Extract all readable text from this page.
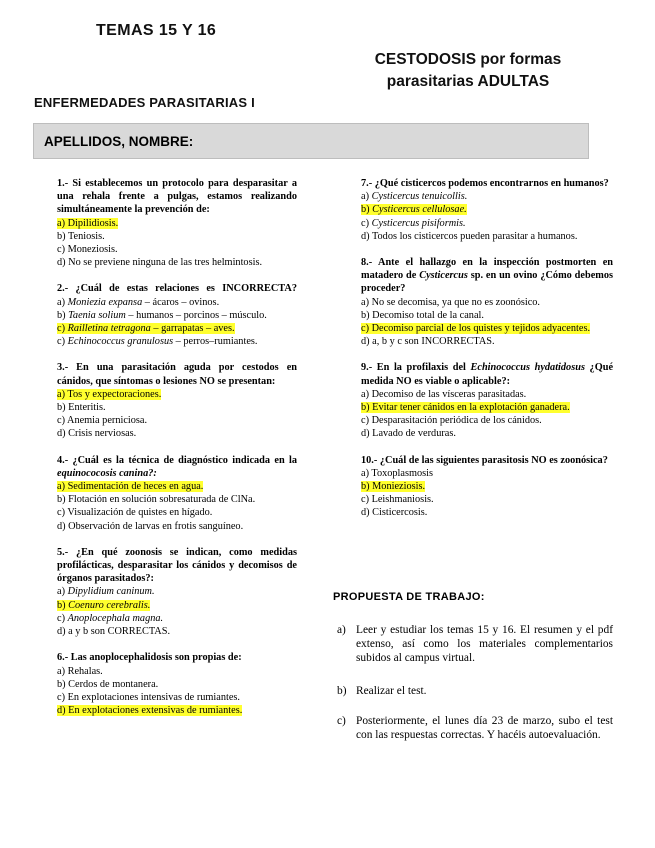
TEMAS 15 Y 16
CESTODOSIS por formas
parasitarias ADULTAS
ENFERMEDADES PARASITARIAS I
APELLIDOS, NOMBRE:
1.- Si establecemos un protocolo para desparasitar a una rehala frente a pulgas, estamos realizando simultáneamente la prevención de:
a) Dipilidiosis.
b) Teniosis.
c) Moneziosis.
d) No se previene ninguna de las tres helmintosis.
2.- ¿Cuál de estas relaciones es INCORRECTA?
a) Moniezia expansa – ácaros – ovinos.
b) Taenia solium – humanos – porcinos – músculo.
c) Railletina tetragona – garrapatas – aves.
c) Echinococcus granulosus – perros–rumiantes.
3.- En una parasitación aguda por cestodos en cánidos, que síntomas o lesiones NO se presentan:
a) Tos y expectoraciones.
b) Enteritis.
c) Anemia perniciosa.
d) Crisis nerviosas.
4.- ¿Cuál es la técnica de diagnóstico indicada en la equinococosis canina?:
a) Sedimentación de heces en agua.
b) Flotación en solución sobresaturada de ClNa.
c) Visualización de quistes en hígado.
d) Observación de larvas en frotis sanguíneo.
5.- ¿En qué zoonosis se indican, como medidas profilácticas, desparasitar los cánidos y decomisos de órganos parasitados?:
a) Dipylidium caninum.
b) Coenuro cerebralis.
c) Anoplocephala magna.
d) a y b son CORRECTAS.
6.- Las anoplocephalidosis son propias de:
a) Rehalas.
b) Cerdos de montanera.
c) En explotaciones intensivas de rumiantes.
d) En explotaciones extensivas de rumiantes.
7.- ¿Qué cisticercos podemos encontrarnos en humanos?
a) Cysticercus tenuicollis.
b) Cysticercus cellulosae.
c) Cysticercus pisiformis.
d) Todos los cisticercos pueden parasitar a humanos.
8.- Ante el hallazgo en la inspección postmorten en matadero de Cysticercus sp. en un ovino ¿Cómo debemos proceder?
a) No se decomisa, ya que no es zoonósico.
b) Decomiso total de la canal.
c) Decomiso parcial de los quistes y tejidos adyacentes.
d) a, b y c son INCORRECTAS.
9.- En la profilaxis del Echinococcus hydatidosus ¿Qué medida NO es viable o aplicable?:
a) Decomiso de las vísceras parasitadas.
b) Evitar tener cánidos en la explotación ganadera.
c) Desparasitación periódica de los cánidos.
d) Lavado de verduras.
10.- ¿Cuál de las siguientes parasitosis NO es zoonósica?
a) Toxoplasmosis
b) Monieziosis.
c) Leishmaniosis.
d) Cisticercosis.
PROPUESTA DE TRABAJO:
a) Leer y estudiar los temas 15 y 16. El resumen y el pdf extenso, así como los materiales complementarios subidos al campus virtual.
b) Realizar el test.
c) Posteriormente, el lunes día 23 de marzo, subo el test con las respuestas correctas. Y hacéis autoevaluación.
